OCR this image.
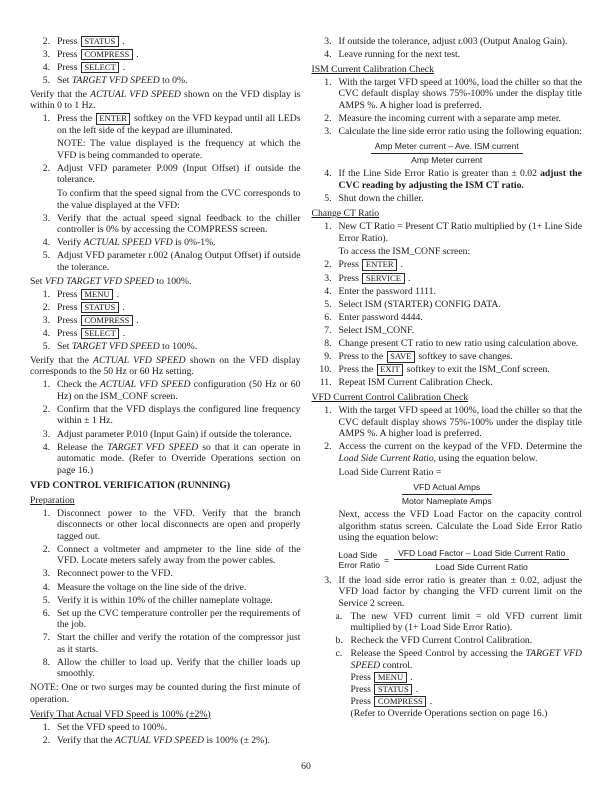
2. Press STATUS .
3. Press COMPRESS .
4. Press SELECT .
5. Set TARGET VFD SPEED to 0%.
Verify that the ACTUAL VFD SPEED shown on the VFD display is within 0 to 1 Hz.
1. Press the ENTER softkey on the VFD keypad until all LEDs on the left side of the keypad are illuminated.
NOTE: The value displayed is the frequency at which the VFD is being commanded to operate.
2. Adjust VFD parameter P.009 (Input Offset) if outside the tolerance.
To confirm that the speed signal from the CVC corresponds to the value displayed at the VFD:
3. Verify that the actual speed signal feedback to the chiller controller is 0% by accessing the COMPRESS screen.
4. Verify ACTUAL SPEED VFD is 0%-1%.
5. Adjust VFD parameter r.002 (Analog Output Offset) if outside the tolerance.
Set VFD TARGET VFD SPEED to 100%.
1. Press MENU .
2. Press STATUS .
3. Press COMPRESS .
4. Press SELECT .
5. Set TARGET VFD SPEED to 100%.
Verify that the ACTUAL VFD SPEED shown on the VFD display corresponds to the 50 Hz or 60 Hz setting.
1. Check the ACTUAL VFD SPEED configuration (50 Hz or 60 Hz) on the ISM_CONF screen.
2. Confirm that the VFD displays the configured line frequency within ± 1 Hz.
3. Adjust parameter P.010 (Input Gain) if outside the tolerance.
4. Release the TARGET VFD SPEED so that it can operate in automatic mode. (Refer to Override Operations section on page 16.)
VFD CONTROL VERIFICATION (RUNNING)
Preparation
1. Disconnect power to the VFD. Verify that the branch disconnects or other local disconnects are open and properly tagged out.
2. Connect a voltmeter and ampmeter to the line side of the VFD. Locate meters safely away from the power cables.
3. Reconnect power to the VFD.
4. Measure the voltage on the line side of the drive.
5. Verify it is within 10% of the chiller nameplate voltage.
6. Set up the CVC temperature controller per the requirements of the job.
7. Start the chiller and verify the rotation of the compressor just as it starts.
8. Allow the chiller to load up. Verify that the chiller loads up smoothly.
NOTE: One or two surges may be counted during the first minute of operation.
Verify That Actual VFD Speed is 100% (±2%)
1. Set the VFD speed to 100%.
2. Verify that the ACTUAL VFD SPEED is 100% (± 2%).
3. If outside the tolerance, adjust r.003 (Output Analog Gain).
4. Leave running for the next test.
ISM Current Calibration Check
1. With the target VFD speed at 100%, load the chiller so that the CVC default display shows 75%-100% under the display title AMPS %. A higher load is preferred.
2. Measure the incoming current with a separate amp meter.
3. Calculate the line side error ratio using the following equation:
$\frac{\text{Amp Meter current – Ave. ISM current}}{\text{Amp Meter current}}$
4. If the Line Side Error Ratio is greater than ± 0.02 adjust the CVC reading by adjusting the ISM CT ratio.
5. Shut down the chiller.
Change CT Ratio
1. New CT Ratio = Present CT Ratio multiplied by (1+ Line Side Error Ratio).
To access the ISM_CONF screen:
2. Press ENTER .
3. Press SERVICE .
4. Enter the password 1111.
5. Select ISM (STARTER) CONFIG DATA.
6. Enter password 4444.
7. Select ISM_CONF.
8. Change present CT ratio to new ratio using calculation above.
9. Press to the SAVE softkey to save changes.
10. Press the EXIT softkey to exit the ISM_Conf screen.
11. Repeat ISM Current Calibration Check.
VFD Current Control Calibration Check
1. With the target VFD speed at 100%, load the chiller so that the CVC default display shows 75%-100% under the display title AMPS %. A higher load is preferred.
2. Access the current on the keypad of the VFD. Determine the Load Side Current Ratio, using the equation below.
Load Side Current Ratio =
$\frac{\text{VFD Actual Amps}}{\text{Motor Nameplate Amps}}$
Next, access the VFD Load Factor on the capacity control algorithm status screen. Calculate the Load Side Error Ratio using the equation below:
Load Side
Error Ratio = $\frac{\text{VFD Load Factor – Load Side Current Ratio}}{\text{Load Side Current Ratio}}$
3. If the load side error ratio is greater than ± 0.02, adjust the VFD load factor by changing the VFD current limit on the Service 2 screen.
a. The new VFD current limit = old VFD current limit multiplied by (1+ Load Side Error Ratio).
b. Recheck the VFD Current Control Calibration.
c. Release the Speed Control by accessing the TARGET VFD SPEED control.
Press MENU .
Press STATUS .
Press COMPRESS .
(Refer to Override Operations section on page 16.)
60
